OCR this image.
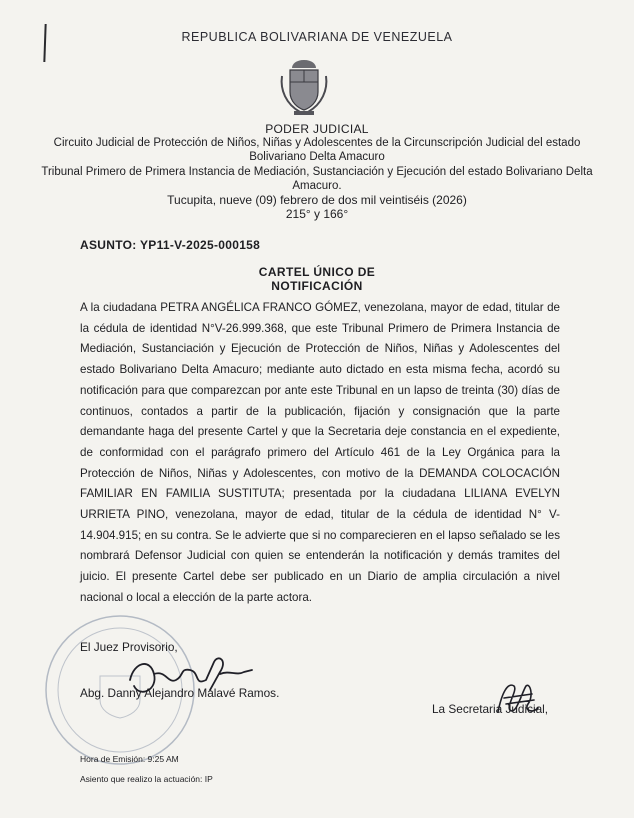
REPUBLICA BOLIVARIANA DE VENEZUELA
PODER JUDICIAL
Circuito Judicial de Protección de Niños, Niñas y Adolescentes de la Circunscripción Judicial del estado Bolivariano Delta Amacuro
Tribunal Primero de Primera Instancia de Mediación, Sustanciación y Ejecución del estado Bolivariano Delta Amacuro.
Tucupita, nueve (09) febrero de dos mil veintiséis (2026)
215° y 166°
ASUNTO: YP11-V-2025-000158
CARTEL ÚNICO DE
NOTIFICACIÓN
A la ciudadana PETRA ANGÉLICA FRANCO GÓMEZ, venezolana, mayor de edad, titular de la cédula de identidad N°V-26.999.368, que este Tribunal Primero de Primera Instancia de Mediación, Sustanciación y Ejecución de Protección de Niños, Niñas y Adolescentes del estado Bolivariano Delta Amacuro; mediante auto dictado en esta misma fecha, acordó su notificación para que comparezcan por ante este Tribunal en un lapso de treinta (30) días de continuos, contados a partir de la publicación, fijación y consignación que la parte demandante haga del presente Cartel y que la Secretaria deje constancia en el expediente, de conformidad con el parágrafo primero del Artículo 461 de la Ley Orgánica para la Protección de Niños, Niñas y Adolescentes, con motivo de la DEMANDA COLOCACIÓN FAMILIAR EN FAMILIA SUSTITUTA; presentada por la ciudadana LILIANA EVELYN URRIETA PINO, venezolana, mayor de edad, titular de la cédula de identidad N° V-14.904.915; en su contra. Se le advierte que si no comparecieren en el lapso señalado se les nombrará Defensor Judicial con quien se entenderán la notificación y demás tramites del juicio. El presente Cartel debe ser publicado en un Diario de amplia circulación a nivel nacional o local a elección de la parte actora.
El Juez Provisorio,
Abg. Danny Alejandro Malavé Ramos.
La Secretaria Judicial,
Hora de Emisión: 9:25 AM
Asiento que realizo la actuación: IP
